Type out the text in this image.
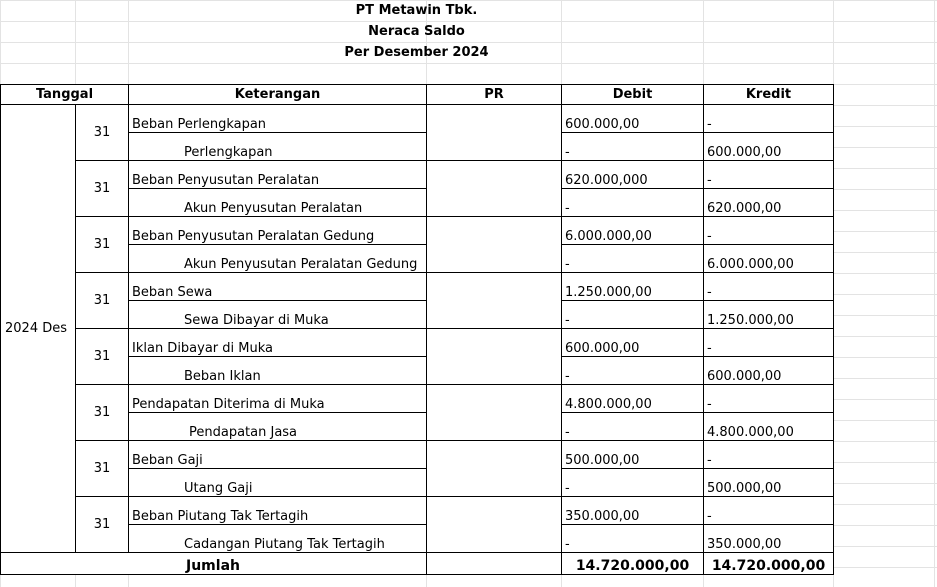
PT Metawin Tbk.
Neraca Saldo
Per Desember 2024
Tanggal		Keterangan	PR	Debit	Kredit
2024 Des	31	Beban Perlengkapan		600.000,00	-
		Perlengkapan		-	600.000,00
	31	Beban Penyusutan Peralatan		620.000,000	-
		Akun Penyusutan Peralatan		-	620.000,00
	31	Beban Penyusutan Peralatan Gedung		6.000.000,00	-
		Akun Penyusutan Peralatan Gedung		-	6.000.000,00
	31	Beban Sewa		1.250.000,00	-
		Sewa Dibayar di Muka		-	1.250.000,00
	31	Iklan Dibayar di Muka		600.000,00	-
		Beban Iklan		-	600.000,00
	31	Pendapatan Diterima di Muka		4.800.000,00	-
		Pendapatan Jasa		-	4.800.000,00
	31	Beban Gaji		500.000,00	-
		Utang Gaji		-	500.000,00
	31	Beban Piutang Tak Tertagih		350.000,00	-
		Cadangan Piutang Tak Tertagih		-	350.000,00
Jumlah				14.720.000,00	14.720.000,00
